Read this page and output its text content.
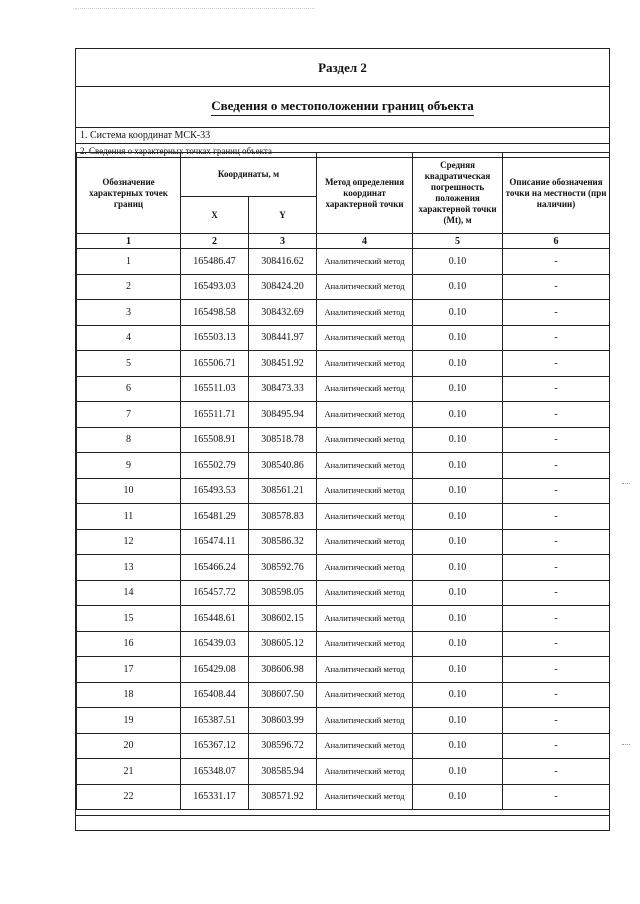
Раздел 2
Сведения о местоположении границ объекта
1. Система координат МСК-33
2. Сведения о характерных точках границ объекта
Обозначение характерных точек границ	Координаты, м		Метод определения координат характерной точки	Средняя квадратическая погрешность положения характерной точки (Mt), м	Описание обозначения точки на местности (при наличии)
	X	Y			
1	2	3	4	5	6
1	165486.47	308416.62	Аналитический метод	0.10	-
2	165493.03	308424.20	Аналитический метод	0.10	-
3	165498.58	308432.69	Аналитический метод	0.10	-
4	165503.13	308441.97	Аналитический метод	0.10	-
5	165506.71	308451.92	Аналитический метод	0.10	-
6	165511.03	308473.33	Аналитический метод	0.10	-
7	165511.71	308495.94	Аналитический метод	0.10	-
8	165508.91	308518.78	Аналитический метод	0.10	-
9	165502.79	308540.86	Аналитический метод	0.10	-
10	165493.53	308561.21	Аналитический метод	0.10	-
11	165481.29	308578.83	Аналитический метод	0.10	-
12	165474.11	308586.32	Аналитический метод	0.10	-
13	165466.24	308592.76	Аналитический метод	0.10	-
14	165457.72	308598.05	Аналитический метод	0.10	-
15	165448.61	308602.15	Аналитический метод	0.10	-
16	165439.03	308605.12	Аналитический метод	0.10	-
17	165429.08	308606.98	Аналитический метод	0.10	-
18	165408.44	308607.50	Аналитический метод	0.10	-
19	165387.51	308603.99	Аналитический метод	0.10	-
20	165367.12	308596.72	Аналитический метод	0.10	-
21	165348.07	308585.94	Аналитический метод	0.10	-
22	165331.17	308571.92	Аналитический метод	0.10	-
